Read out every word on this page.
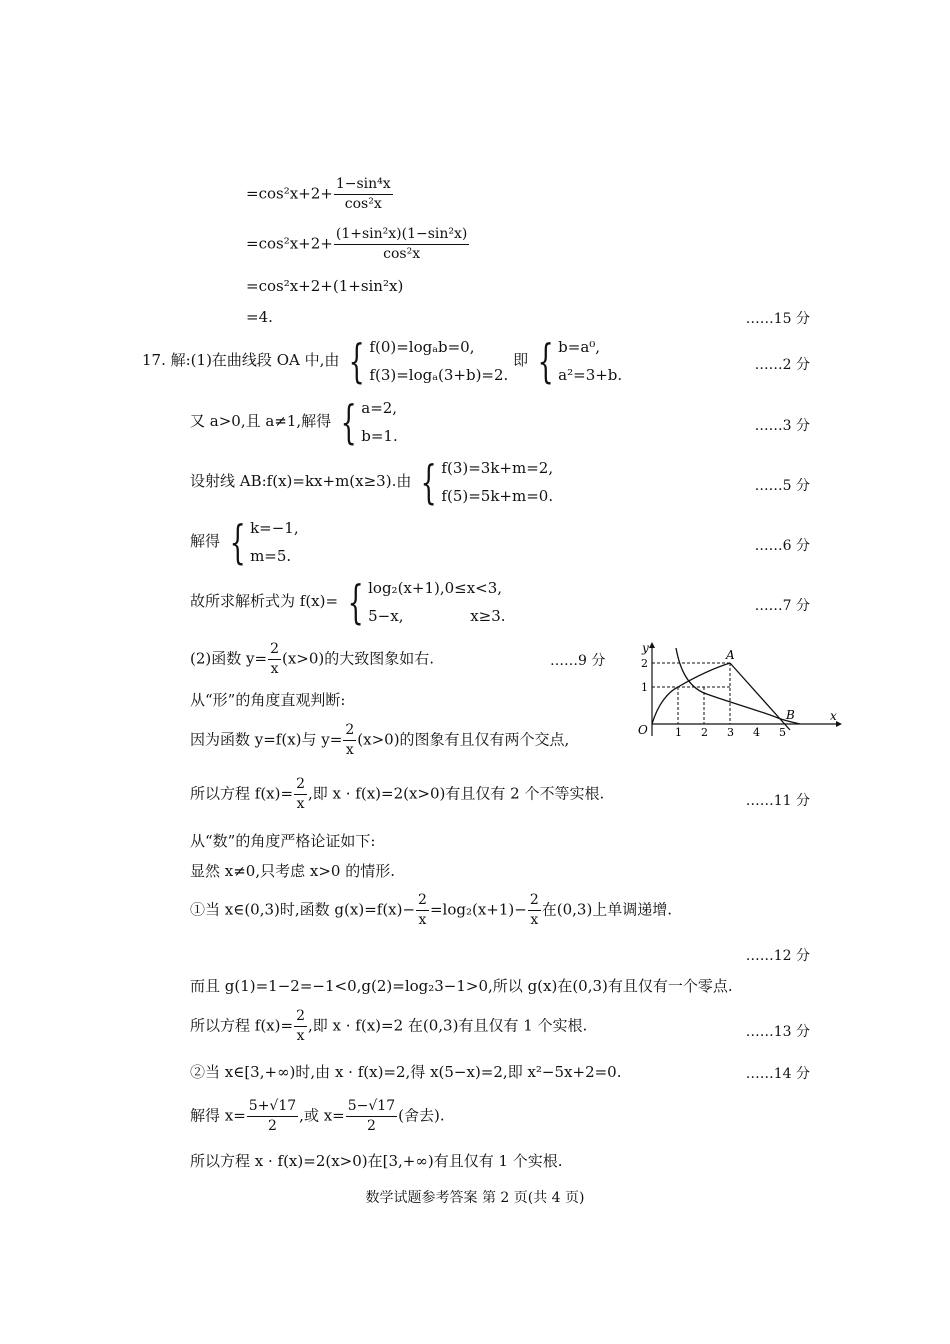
$=\cos^2x+2+ \frac{\text{1−sin⁴x}}{\text{cos²x}}$
$=\cos^2x+2+ \frac{\text{(1+sin²x)(1−sin²x)}}{\text{cos²x}}$
=cos²x+2+(1+sin²x)
=4.	……15 分
17. 解:(1)在曲线段 OA 中,由 { f(0)=logₐb=0,
f(3)=logₐ(3+b)=2.
即 { b=a⁰,
a²=3+b.
……2 分
又 a>0,且 a≠1,解得 { a=2,
b=1.
……3 分
设射线 AB:f(x)=kx+m(x≥3).由 { f(3)=3k+m=2,
f(5)=5k+m=0.
……5 分
解得 { k=−1,
m=5.
……6 分
故所求解析式为 f(x)= { log₂(x+1),0≤x<3,
5−x,              x≥3.
……7 分
(2)函数 $y= \frac{2}{x} (x>0)$的大致图象如右.	……9 分
从“形”的角度直观判断:
因为函数 y=f(x)与 $y= \frac{2}{x} (x>0)$的图象有且仅有两个交点,
所以方程 $f(x)= \frac{2}{x}$ ,即 x · f(x)=2(x>0)有且仅有 2 个不等实根.	……11 分
从“数”的角度严格论证如下:
显然 x≠0,只考虑 x>0 的情形.
①当 x∈(0,3)时,函数 $g(x)=f(x)- \frac{2}{x} =\log_2(x+1)- \frac{2}{x}$ 在(0,3)上单调递增.
……12 分
而且 g(1)=1−2=−1<0,g(2)=log₂3−1>0,所以 g(x)在(0,3)有且仅有一个零点.
所以方程 $f(x)= \frac{2}{x}$ ,即 x · f(x)=2 在(0,3)有且仅有 1 个实根.	……13 分
②当 x∈[3,+∞)时,由 x · f(x)=2,得 x(5−x)=2,即 x²−5x+2=0.	……14 分
解得 $x= \frac{5+√17}{2}$ ,或 $x= \frac{5-√17}{2}$ (舍去).
所以方程 x · f(x)=2(x>0)在[3,+∞)有且仅有 1 个实根.
数学试题参考答案 第 2 页(共 4 页)
y
x
O
A
B
2
1
1 2 3 4 5
